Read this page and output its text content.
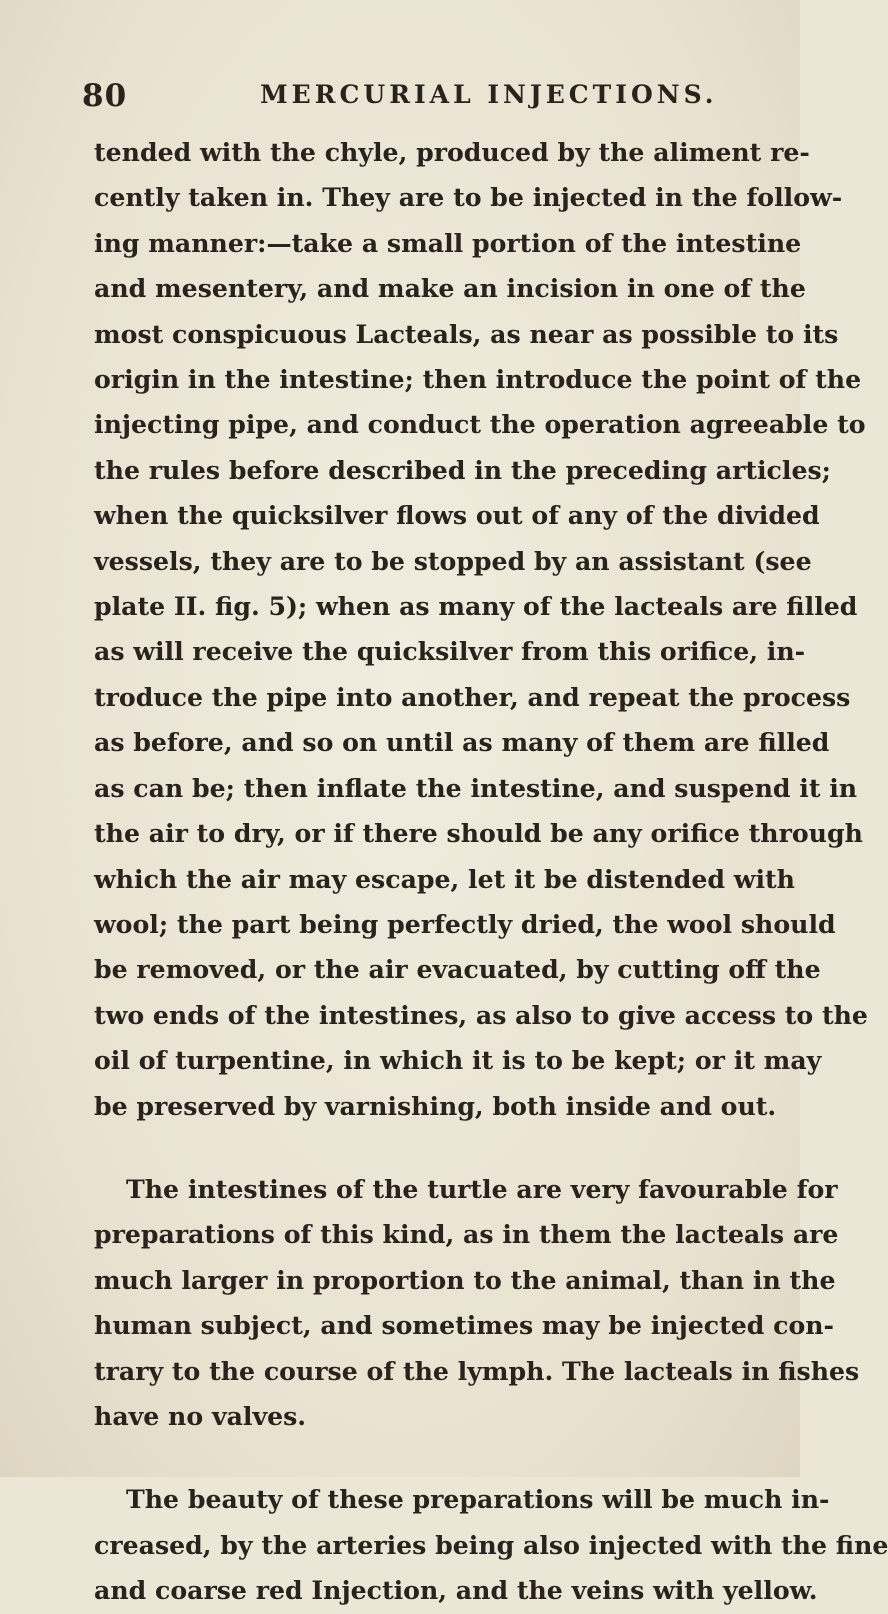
80	MERCURIAL INJECTIONS.

tended with the chyle, produced by the aliment re-
cently taken in. They are to be injected in the follow-
ing manner:—take a small portion of the intestine
and mesentery, and make an incision in one of the
most conspicuous Lacteals, as near as possible to its
origin in the intestine; then introduce the point of the
injecting pipe, and conduct the operation agreeable to
the rules before described in the preceding articles;
when the quicksilver flows out of any of the divided
vessels, they are to be stopped by an assistant (see
plate II. fig. 5); when as many of the lacteals are filled
as will receive the quicksilver from this orifice, in-
troduce the pipe into another, and repeat the process
as before, and so on until as many of them are filled
as can be; then inflate the intestine, and suspend it in
the air to dry, or if there should be any orifice through
which the air may escape, let it be distended with
wool; the part being perfectly dried, the wool should
be removed, or the air evacuated, by cutting off the
two ends of the intestines, as also to give access to the
oil of turpentine, in which it is to be kept; or it may
be preserved by varnishing, both inside and out.

The intestines of the turtle are very favourable for
preparations of this kind, as in them the lacteals are
much larger in proportion to the animal, than in the
human subject, and sometimes may be injected con-
trary to the course of the lymph. The lacteals in fishes
have no valves.

The beauty of these preparations will be much in-
creased, by the arteries being also injected with the fine
and coarse red Injection, and the veins with yellow.
